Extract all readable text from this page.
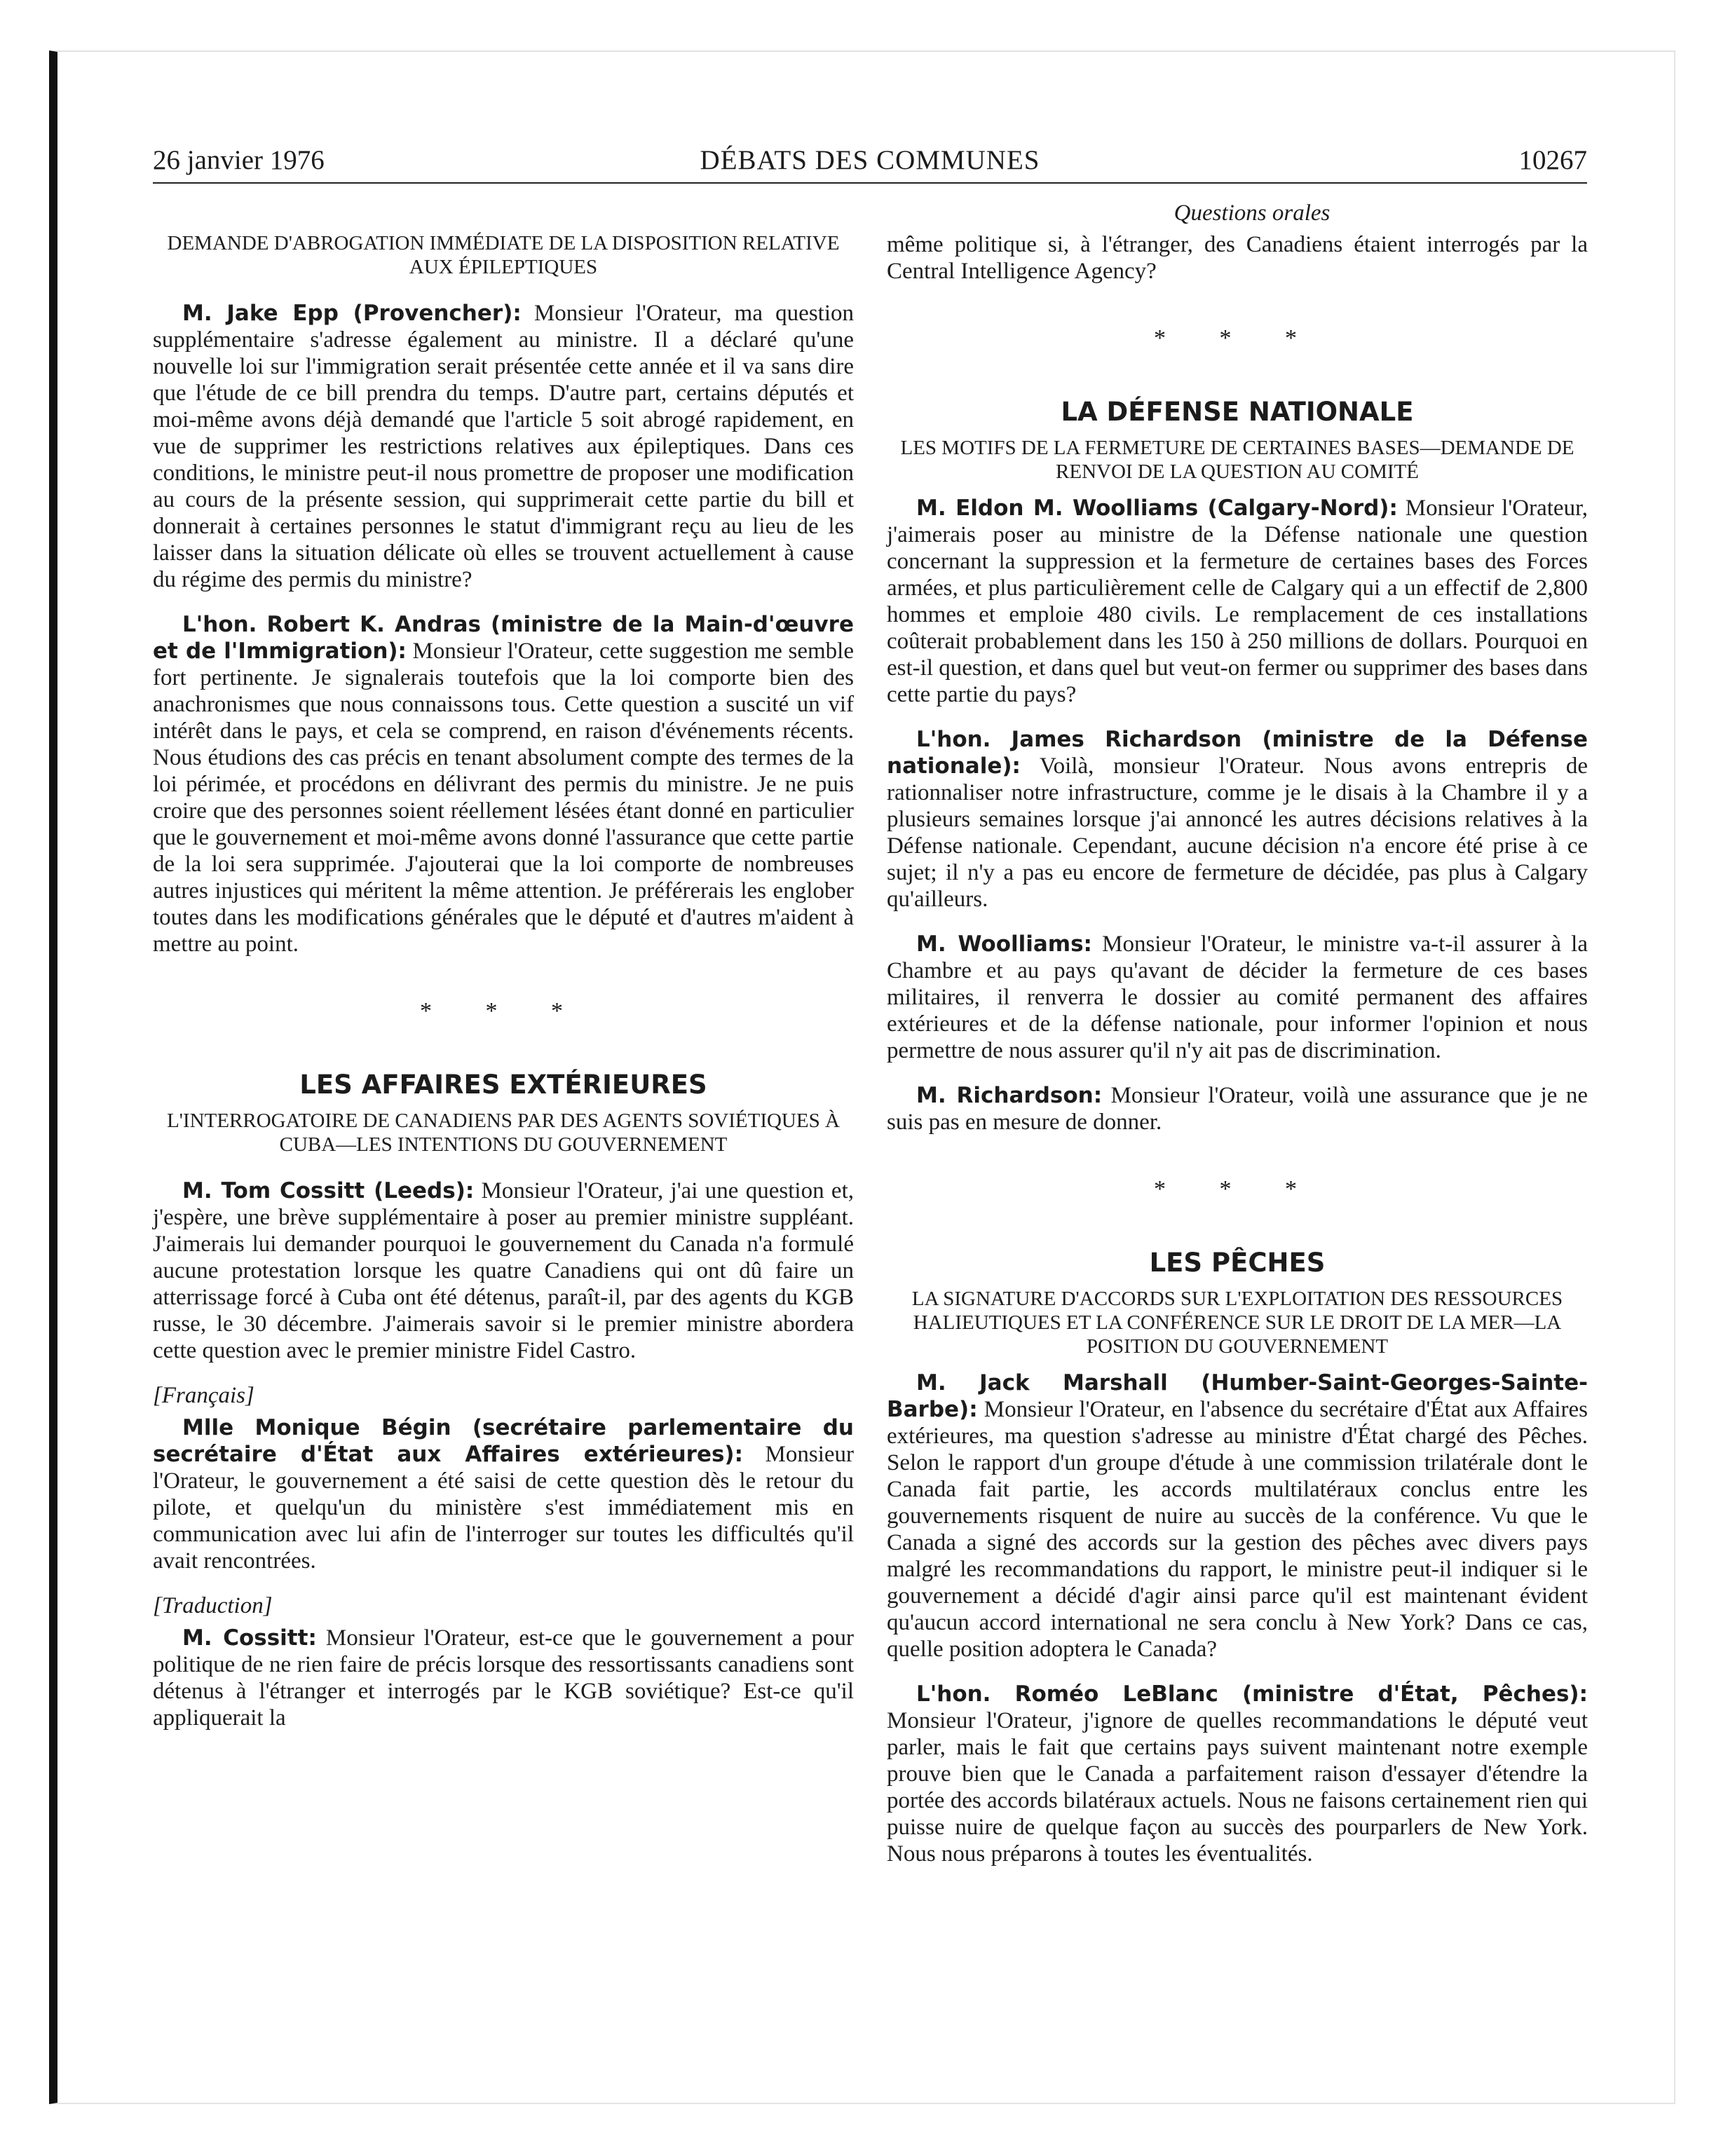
26 janvier 1976	DÉBATS DES COMMUNES	10267
Questions orales
DEMANDE D'ABROGATION IMMÉDIATE DE LA DISPOSITION RELATIVE AUX ÉPILEPTIQUES

M. Jake Epp (Provencher): Monsieur l'Orateur, ma question supplémentaire s'adresse également au ministre. Il a déclaré qu'une nouvelle loi sur l'immigration serait présentée cette année et il va sans dire que l'étude de ce bill prendra du temps. D'autre part, certains députés et moi-même avons déjà demandé que l'article 5 soit abrogé rapidement, en vue de supprimer les restrictions relatives aux épileptiques. Dans ces conditions, le ministre peut-il nous promettre de proposer une modification au cours de la présente session, qui supprimerait cette partie du bill et donnerait à certaines personnes le statut d'immigrant reçu au lieu de les laisser dans la situation délicate où elles se trouvent actuellement à cause du régime des permis du ministre?

L'hon. Robert K. Andras (ministre de la Main-d'œuvre et de l'Immigration): Monsieur l'Orateur, cette suggestion me semble fort pertinente. Je signalerais toutefois que la loi comporte bien des anachronismes que nous connaissons tous. Cette question a suscité un vif intérêt dans le pays, et cela se comprend, en raison d'événements récents. Nous étudions des cas précis en tenant absolument compte des termes de la loi périmée, et procédons en délivrant des permis du ministre. Je ne puis croire que des personnes soient réellement lésées étant donné en particulier que le gouvernement et moi-même avons donné l'assurance que cette partie de la loi sera supprimée. J'ajouterai que la loi comporte de nombreuses autres injustices qui méritent la même attention. Je préférerais les englober toutes dans les modifications générales que le député et d'autres m'aident à mettre au point.

* * *
LES AFFAIRES EXTÉRIEURES
L'INTERROGATOIRE DE CANADIENS PAR DES AGENTS SOVIÉTIQUES À CUBA—LES INTENTIONS DU GOUVERNEMENT

M. Tom Cossitt (Leeds): Monsieur l'Orateur, j'ai une question et, j'espère, une brève supplémentaire à poser au premier ministre suppléant. J'aimerais lui demander pourquoi le gouvernement du Canada n'a formulé aucune protestation lorsque les quatre Canadiens qui ont dû faire un atterrissage forcé à Cuba ont été détenus, paraît-il, par des agents du KGB russe, le 30 décembre. J'aimerais savoir si le premier ministre abordera cette question avec le premier ministre Fidel Castro.

[Français]

Mlle Monique Bégin (secrétaire parlementaire du secrétaire d'État aux Affaires extérieures): Monsieur l'Orateur, le gouvernement a été saisi de cette question dès le retour du pilote, et quelqu'un du ministère s'est immédiatement mis en communication avec lui afin de l'interroger sur toutes les difficultés qu'il avait rencontrées.

[Traduction]

M. Cossitt: Monsieur l'Orateur, est-ce que le gouvernement a pour politique de ne rien faire de précis lorsque des ressortissants canadiens sont détenus à l'étranger et interrogés par le KGB soviétique? Est-ce qu'il appliquerait la

même politique si, à l'étranger, des Canadiens étaient interrogés par la Central Intelligence Agency?

* * *
LA DÉFENSE NATIONALE
LES MOTIFS DE LA FERMETURE DE CERTAINES BASES—DEMANDE DE RENVOI DE LA QUESTION AU COMITÉ

M. Eldon M. Woolliams (Calgary-Nord): Monsieur l'Orateur, j'aimerais poser au ministre de la Défense nationale une question concernant la suppression et la fermeture de certaines bases des Forces armées, et plus particulièrement celle de Calgary qui a un effectif de 2,800 hommes et emploie 480 civils. Le remplacement de ces installations coûterait probablement dans les 150 à 250 millions de dollars. Pourquoi en est-il question, et dans quel but veut-on fermer ou supprimer des bases dans cette partie du pays?

L'hon. James Richardson (ministre de la Défense nationale): Voilà, monsieur l'Orateur. Nous avons entrepris de rationnaliser notre infrastructure, comme je le disais à la Chambre il y a plusieurs semaines lorsque j'ai annoncé les autres décisions relatives à la Défense nationale. Cependant, aucune décision n'a encore été prise à ce sujet; il n'y a pas eu encore de fermeture de décidée, pas plus à Calgary qu'ailleurs.

M. Woolliams: Monsieur l'Orateur, le ministre va-t-il assurer à la Chambre et au pays qu'avant de décider la fermeture de ces bases militaires, il renverra le dossier au comité permanent des affaires extérieures et de la défense nationale, pour informer l'opinion et nous permettre de nous assurer qu'il n'y ait pas de discrimination.

M. Richardson: Monsieur l'Orateur, voilà une assurance que je ne suis pas en mesure de donner.

* * *
LES PÊCHES
LA SIGNATURE D'ACCORDS SUR L'EXPLOITATION DES RESSOURCES HALIEUTIQUES ET LA CONFÉRENCE SUR LE DROIT DE LA MER—LA POSITION DU GOUVERNEMENT

M. Jack Marshall (Humber-Saint-Georges-Sainte-Barbe): Monsieur l'Orateur, en l'absence du secrétaire d'État aux Affaires extérieures, ma question s'adresse au ministre d'État chargé des Pêches. Selon le rapport d'un groupe d'étude à une commission trilatérale dont le Canada fait partie, les accords multilatéraux conclus entre les gouvernements risquent de nuire au succès de la conférence. Vu que le Canada a signé des accords sur la gestion des pêches avec divers pays malgré les recommandations du rapport, le ministre peut-il indiquer si le gouvernement a décidé d'agir ainsi parce qu'il est maintenant évident qu'aucun accord international ne sera conclu à New York? Dans ce cas, quelle position adoptera le Canada?

L'hon. Roméo LeBlanc (ministre d'État, Pêches): Monsieur l'Orateur, j'ignore de quelles recommandations le député veut parler, mais le fait que certains pays suivent maintenant notre exemple prouve bien que le Canada a parfaitement raison d'essayer d'étendre la portée des accords bilatéraux actuels. Nous ne faisons certainement rien qui puisse nuire de quelque façon au succès des pourparlers de New York. Nous nous préparons à toutes les éventualités.
